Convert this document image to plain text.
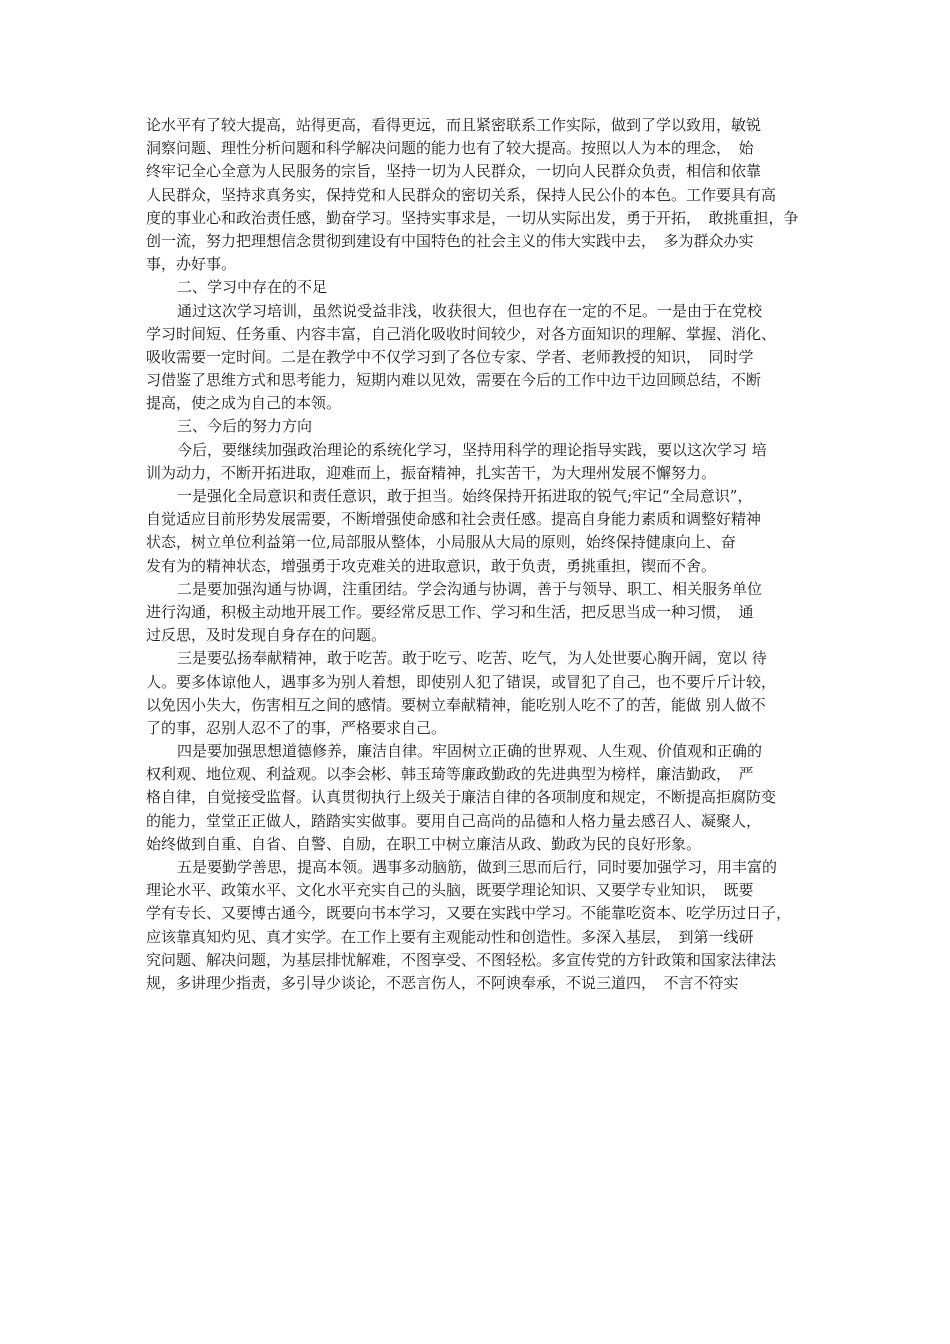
论水平有了较大提高，站得更高，看得更远，而且紧密联系工作实际，做到了学以致用，敏锐
洞察问题、理性分析问题和科学解决问题的能力也有了较大提高。按照以人为本的理念，　始
终牢记全心全意为人民服务的宗旨，坚持一切为人民群众，一切向人民群众负责，相信和依靠
人民群众，坚持求真务实，保持党和人民群众的密切关系，保持人民公仆的本色。工作要具有高
度的事业心和政治责任感，勤奋学习。坚持实事求是，一切从实际出发，勇于开拓，　敢挑重担，争
创一流，努力把理想信念贯彻到建设有中国特色的社会主义的伟大实践中去，　多为群众办实
事，办好事。
二、学习中存在的不足
通过这次学习培训，虽然说受益非浅，收获很大，但也存在一定的不足。一是由于在党校
学习时间短、任务重、内容丰富，自己消化吸收时间较少，对各方面知识的理解、掌握、消化、
吸收需要一定时间。二是在教学中不仅学习到了各位专家、学者、老师教授的知识，　同时学
习借鉴了思维方式和思考能力，短期内难以见效，需要在今后的工作中边干边回顾总结，不断
提高，使之成为自己的本领。
三、今后的努力方向
今后，要继续加强政治理论的系统化学习，坚持用科学的理论指导实践，要以这次学习 培
训为动力，不断开拓进取，迎难而上，振奋精神，扎实苦干，为大理州发展不懈努力。
一是强化全局意识和责任意识，敢于担当。始终保持开拓进取的锐气;牢记“全局意识”，
自觉适应目前形势发展需要，不断增强使命感和社会责任感。提高自身能力素质和调整好精神
状态，树立单位利益第一位,局部服从整体，小局服从大局的原则，始终保持健康向上、奋
发有为的精神状态，增强勇于攻克难关的进取意识，敢于负责，勇挑重担，锲而不舍。
二是要加强沟通与协调，注重团结。学会沟通与协调，善于与领导、职工、相关服务单位
进行沟通，积极主动地开展工作。要经常反思工作、学习和生活，把反思当成一种习惯，　通
过反思，及时发现自身存在的问题。
三是要弘扬奉献精神，敢于吃苦。敢于吃亏、吃苦、吃气，为人处世要心胸开阔，宽以 待
人。要多体谅他人，遇事多为别人着想，即使别人犯了错误，或冒犯了自己，也不要斤斤计较，
以免因小失大，伤害相互之间的感情。要树立奉献精神，能吃别人吃不了的苦，能做 别人做不
了的事，忍别人忍不了的事，严格要求自己。
四是要加强思想道德修养，廉洁自律。牢固树立正确的世界观、人生观、价值观和正确的
权利观、地位观、利益观。以李会彬、韩玉琦等廉政勤政的先进典型为榜样，廉洁勤政，　严
格自律，自觉接受监督。认真贯彻执行上级关于廉洁自律的各项制度和规定，不断提高拒腐防变
的能力，堂堂正正做人，踏踏实实做事。要用自己高尚的品德和人格力量去感召人、凝聚人，
始终做到自重、自省、自警、自励，在职工中树立廉洁从政、勤政为民的良好形象。
五是要勤学善思，提高本领。遇事多动脑筋，做到三思而后行，同时要加强学习，用丰富的
理论水平、政策水平、文化水平充实自己的头脑，既要学理论知识、又要学专业知识，　既要
学有专长、又要博古通今，既要向书本学习，又要在实践中学习。不能靠吃资本、吃学历过日子，
应该靠真知灼见、真才实学。在工作上要有主观能动性和创造性。多深入基层，　到第一线研
究问题、解决问题，为基层排忧解难，不图享受、不图轻松。多宣传党的方针政策和国家法律法
规，多讲理少指责，多引导少谈论，不恶言伤人，不阿谀奉承，不说三道四，　不言不符实
